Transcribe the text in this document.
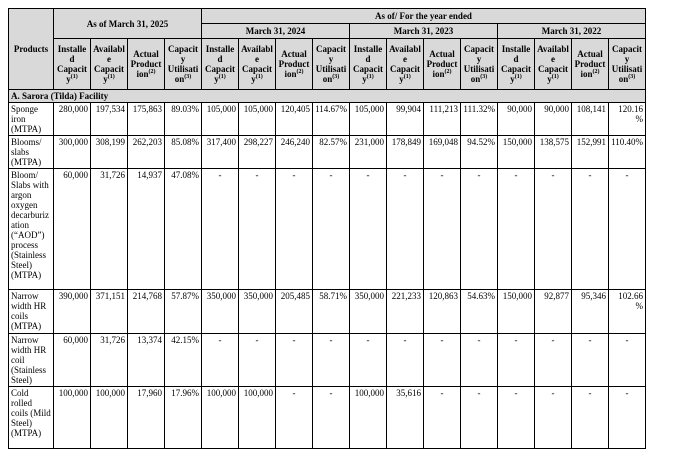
Products	As of March 31, 2025				As of/ For the year ended											
					March 31, 2024				March 31, 2023				March 31, 2022			
	Installed Capacity$^{(1)}$	Available Capacity$^{(1)}$	Actual Production$^{(2)}$	Capacity Utilisation$^{(3)}$	Installed Capacity$^{(1)}$	Available Capacity$^{(1)}$	Actual Production$^{(2)}$	Capacity Utilisation$^{(3)}$	Installed Capacity$^{(1)}$	Available Capacity$^{(1)}$	Actual Production$^{(2)}$	Capacity Utilisation$^{(3)}$	Installed Capacity$^{(1)}$	Available Capacity$^{(1)}$	Actual Production$^{(2)}$	Capacity Utilisation$^{(3)}$
A. Sarora (Tilda) Facility																
Sponge iron (MTPA)	280,000	197,534	175,863	89.03%	105,000	105,000	120,405	114.67%	105,000	99,904	111,213	111.32%	90,000	90,000	108,141	120.16%
Blooms/ slabs (MTPA)	300,000	308,199	262,203	85.08%	317,400	298,227	246,240	82.57%	231,000	178,849	169,048	94.52%	150,000	138,575	152,991	110.40%
Bloom/ Slabs with argon oxygen decarburization (“AOD”) process (Stainless Steel) (MTPA)	60,000	31,726	14,937	47.08%	-	-	-	-	-	-	-	-	-	-	-	-
Narrow width HR coils (MTPA)	390,000	371,151	214,768	57.87%	350,000	350,000	205,485	58.71%	350,000	221,233	120,863	54.63%	150,000	92,877	95,346	102.66%
Narrow width HR coil (Stainless Steel)	60,000	31,726	13,374	42.15%	-	-	-	-	-	-	-	-	-	-	-	-
Cold rolled coils (Mild Steel) (MTPA)	100,000	100,000	17,960	17.96%	100,000	100,000	-	-	100,000	35,616	-	-	-	-	-	-
